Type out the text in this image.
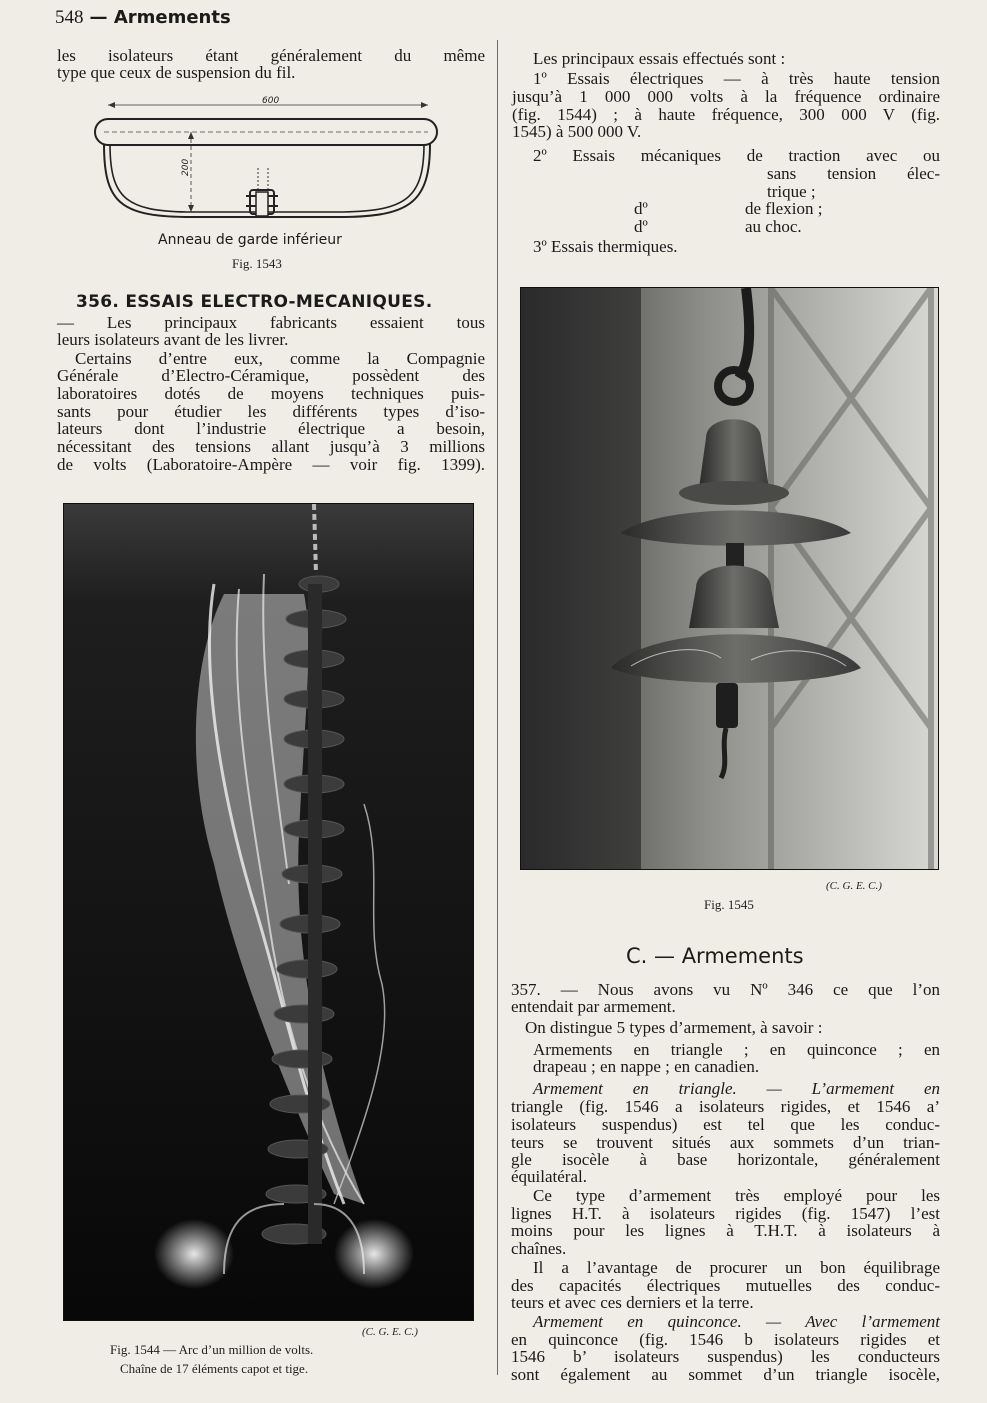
548 — Armements
les isolateurs étant généralement du même
type que ceux de suspension du fil.
600
200
Anneau de garde inférieur
Fig. 1543
356. ESSAIS ELECTRO-MECANIQUES.
— Les principaux fabricants essaient tous
leurs isolateurs avant de les livrer.
Certains d’entre eux, comme la Compagnie
Générale d’Electro-Céramique, possèdent des
laboratoires dotés de moyens techniques puis-
sants pour étudier les différents types d’iso-
lateurs dont l’industrie électrique a besoin,
nécessitant des tensions allant jusqu’à 3 millions
de volts (Laboratoire-Ampère — voir fig. 1399).
(C. G. E. C.)
Fig. 1544 — Arc d’un million de volts.
Chaîne de 17 éléments capot et tige.
Les principaux essais effectués sont :
1º Essais électriques — à très haute tension
jusqu’à 1 000 000 volts à la fréquence ordinaire
(fig. 1544) ; à haute fréquence, 300 000 V (fig.
1545) à 500 000 V.
2º Essais mécaniques de traction avec ou
sans tension élec-
trique ;
dº	de flexion ;
dº	au choc.
3º Essais thermiques.
(C. G. E. C.)
Fig. 1545
C. — Armements
357. — Nous avons vu Nº 346 ce que l’on
entendait par armement.
On distingue 5 types d’armement, à savoir :
Armements en triangle ; en quinconce ; en
drapeau ; en nappe ; en canadien.
Armement en triangle. — L’armement en
triangle (fig. 1546 a isolateurs rigides, et 1546 a’
isolateurs suspendus) est tel que les conduc-
teurs se trouvent situés aux sommets d’un trian-
gle isocèle à base horizontale, généralement
équilatéral.
Ce type d’armement très employé pour les
lignes H.T. à isolateurs rigides (fig. 1547) l’est
moins pour les lignes à T.H.T. à isolateurs à
chaînes.
Il a l’avantage de procurer un bon équilibrage
des capacités électriques mutuelles des conduc-
teurs et avec ces derniers et la terre.
Armement en quinconce. — Avec l’armement
en quinconce (fig. 1546 b isolateurs rigides et
1546 b’ isolateurs suspendus) les conducteurs
sont également au sommet d’un triangle isocèle,
